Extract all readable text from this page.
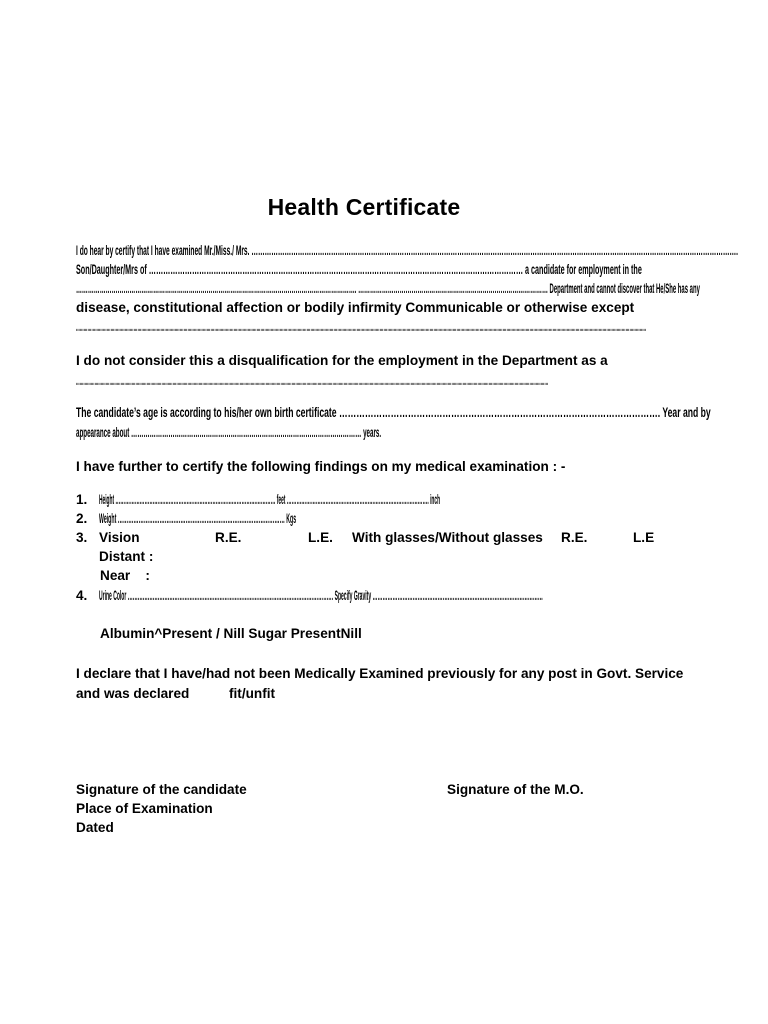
Health Certificate
I do hear by certify that I have examined Mr./Miss./ Mrs. ………………………………………………………………………………………………………………………………………………………………………………………………….
Son/Daughter/Mrs of ………………………………………………………………………………………………………………………………………… a candidate for employment in the
……………………………………………………………………………………………………………………………. …………………………………………………………………………………… Department and cannot discover that He/She has any
disease, constitutional affection or bodily infirmity Communicable or otherwise except
………………………………………………………………………………………………………………………………………………………………………………………………………………………………………………………………………………………………………………………………………………………………………………………………………….
I do not consider this a disqualification for the employment in the Department as a
…………………………………………………………………………………………………………………………………………………………………………………………………………………………………………………………………………………………………………………………………………………
The candidate’s age is according to his/her own birth certificate …………………………………………………………………………………………………. Year and by
appearance about ………………………………………………………………………………………………… years.
I have further to certify the following findings on my medical examination : -
1. Height ……………………………………………………………………………………… feet ……………………………………………………………………………. inch
2. Weight …………………………………………………………………………………… Kgs
3. Vision	R.E.	L.E. With glasses/Without glasses R.E.	L.E
Distant :
Near    :
4. Urine Color …………………………………………………………………………………………………………… Specify Gravity …………………………………………………………………………………………
Albumin^Present / Nill Sugar PresentNill
I declare that I have/had not been Medically Examined previously for any post in Govt. Service
and was declared	fit/unfit
Signature of the candidate	Signature of the M.O.
Place of Examination
Dated
